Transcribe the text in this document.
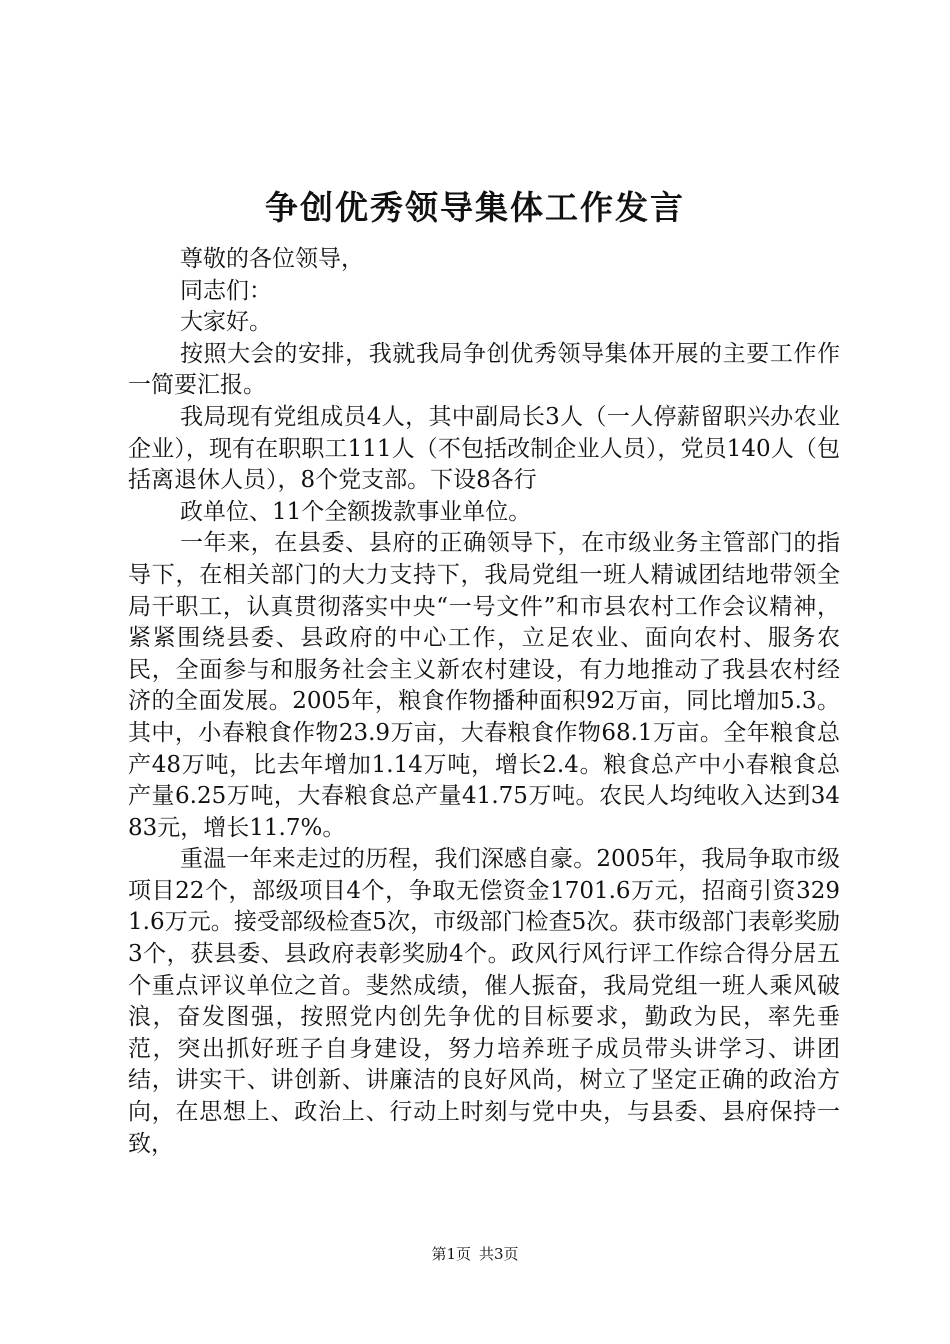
争创优秀领导集体工作发言

尊敬的各位领导，

同志们：

大家好。

按照大会的安排，我就我局争创优秀领导集体开展的主要工作作一简要汇报。

我局现有党组成员4人，其中副局长3人（一人停薪留职兴办农业企业），现有在职职工111人（不包括改制企业人员），党员140人（包括离退休人员），8个党支部。下设8各行

政单位、11个全额拨款事业单位。

一年来，在县委、县府的正确领导下，在市级业务主管部门的指导下，在相关部门的大力支持下，我局党组一班人精诚团结地带领全局干职工，认真贯彻落实中央“一号文件”和市县农村工作会议精神，紧紧围绕县委、县政府的中心工作，立足农业、面向农村、服务农民，全面参与和服务社会主义新农村建设，有力地推动了我县农村经济的全面发展。2005年，粮食作物播种面积92万亩，同比增加5.3。其中，小春粮食作物23.9万亩，大春粮食作物68.1万亩。全年粮食总产48万吨，比去年增加1.14万吨，增长2.4。粮食总产中小春粮食总产量6.25万吨，大春粮食总产量41.75万吨。农民人均纯收入达到3483元，增长11.7%。

重温一年来走过的历程，我们深感自豪。2005年，我局争取市级项目22个，部级项目4个，争取无偿资金1701.6万元，招商引资3291.6万元。接受部级检查5次，市级部门检查5次。获市级部门表彰奖励3个，获县委、县政府表彰奖励4个。政风行风行评工作综合得分居五个重点评议单位之首。斐然成绩，催人振奋，我局党组一班人乘风破浪，奋发图强，按照党内创先争优的目标要求，勤政为民，率先垂范，突出抓好班子自身建设，努力培养班子成员带头讲学习、讲团结，讲实干、讲创新、讲廉洁的良好风尚，树立了坚定正确的政治方向，在思想上、政治上、行动上时刻与党中央，与县委、县府保持一致，

第1页 共3页
